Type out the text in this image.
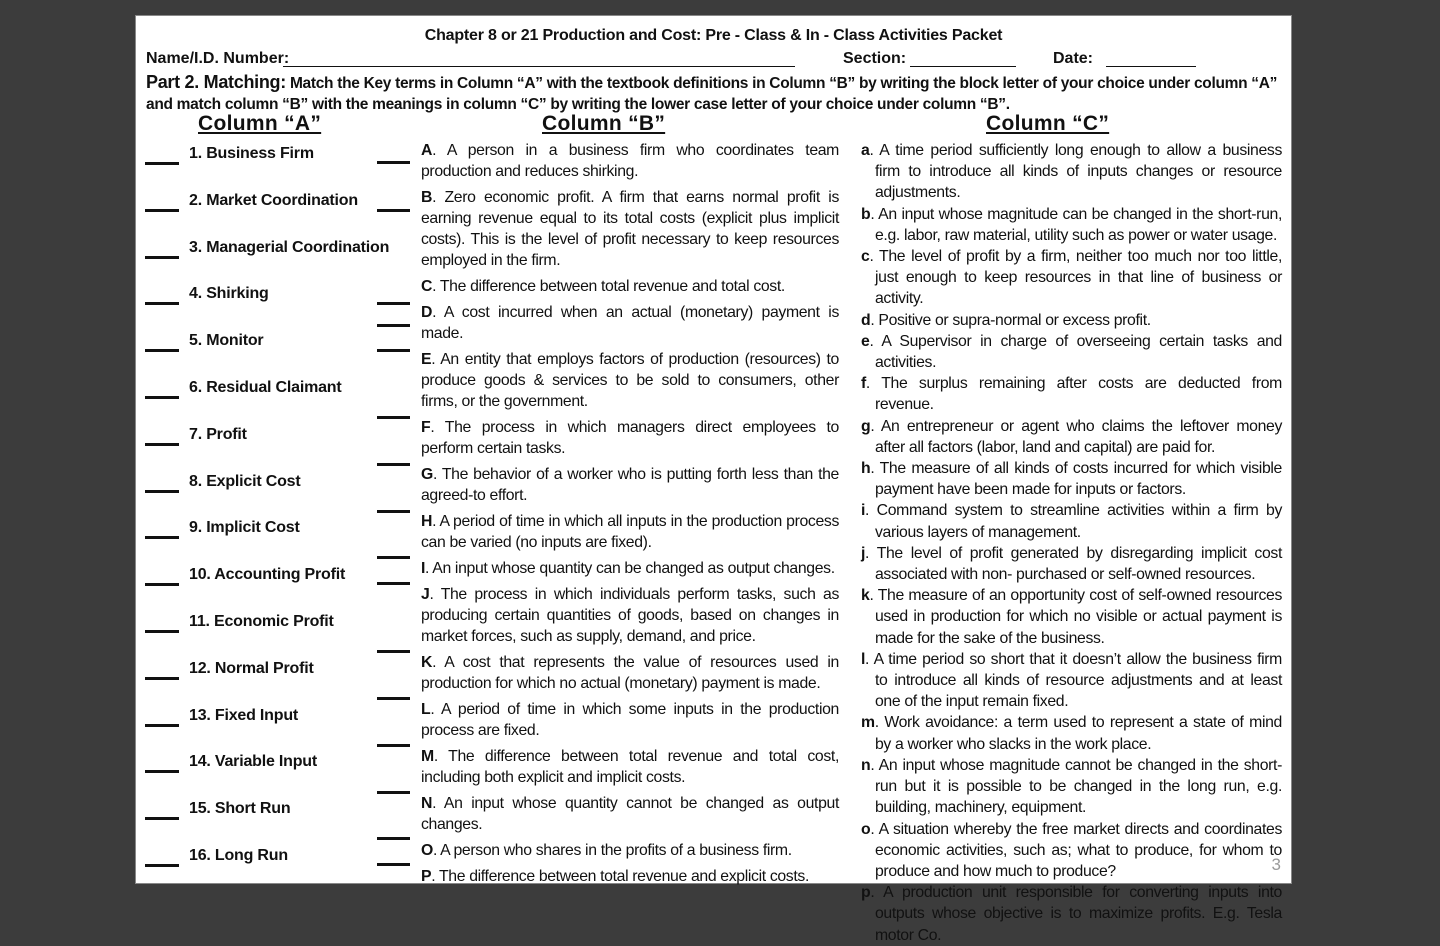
Chapter 8 or 21 Production and Cost: Pre - Class & In - Class Activities Packet
Name/I.D. Number:	Section:	Date:
Part 2. Matching: Match the Key terms in Column “A” with the textbook definitions in Column “B” by writing the block letter of your choice under column “A” and match column “B” with the meanings in column “C” by writing the lower case letter of your choice under column “B”.
Column “A”	Column “B”	Column “C”
1. Business Firm
2. Market Coordination
3. Managerial Coordination
4. Shirking
5. Monitor
6. Residual Claimant
7. Profit
8. Explicit Cost
9. Implicit Cost
10. Accounting Profit
11. Economic Profit
12. Normal Profit
13. Fixed Input
14. Variable Input
15. Short Run
16. Long Run
A. A person in a business firm who coordinates team production and reduces shirking.
B. Zero economic profit. A firm that earns normal profit is earning revenue equal to its total costs (explicit plus implicit costs). This is the level of profit necessary to keep resources employed in the firm.
C. The difference between total revenue and total cost.
D. A cost incurred when an actual (monetary) payment is made.
E. An entity that employs factors of production (resources) to produce goods & services to be sold to consumers, other firms, or the government.
F. The process in which managers direct employees to perform certain tasks.
G. The behavior of a worker who is putting forth less than the agreed-to effort.
H. A period of time in which all inputs in the production process can be varied (no inputs are fixed).
I. An input whose quantity can be changed as output changes.
J. The process in which individuals perform tasks, such as producing certain quantities of goods, based on changes in market forces, such as supply, demand, and price.
K. A cost that represents the value of resources used in production for which no actual (monetary) payment is made.
L. A period of time in which some inputs in the production process are fixed.
M. The difference between total revenue and total cost, including both explicit and implicit costs.
N. An input whose quantity cannot be changed as output changes.
O. A person who shares in the profits of a business firm.
P. The difference between total revenue and explicit costs.
a. A time period sufficiently long enough to allow a business firm to introduce all kinds of inputs changes or resource adjustments.
b. An input whose magnitude can be changed in the short-run, e.g. labor, raw material, utility such as power or water usage.
c. The level of profit by a firm, neither too much nor too little, just enough to keep resources in that line of business or activity.
d. Positive or supra-normal or excess profit.
e. A Supervisor in charge of overseeing certain tasks and activities.
f. The surplus remaining after costs are deducted from revenue.
g. An entrepreneur or agent who claims the leftover money after all factors (labor, land and capital) are paid for.
h. The measure of all kinds of costs incurred for which visible payment have been made for inputs or factors.
i. Command system to streamline activities within a firm by various layers of management.
j. The level of profit generated by disregarding implicit cost associated with non- purchased or self-owned resources.
k. The measure of an opportunity cost of self-owned resources used in production for which no visible or actual payment is made for the sake of the business.
l. A time period so short that it doesn’t allow the business firm to introduce all kinds of resource adjustments and at least one of the input remain fixed.
m. Work avoidance: a term used to represent a state of mind by a worker who slacks in the work place.
n. An input whose magnitude cannot be changed in the short-run but it is possible to be changed in the long run, e.g. building, machinery, equipment.
o. A situation whereby the free market directs and coordinates economic activities, such as; what to produce, for whom to produce and how much to produce?
p. A production unit responsible for converting inputs into outputs whose objective is to maximize profits. E.g. Tesla motor Co.
3
